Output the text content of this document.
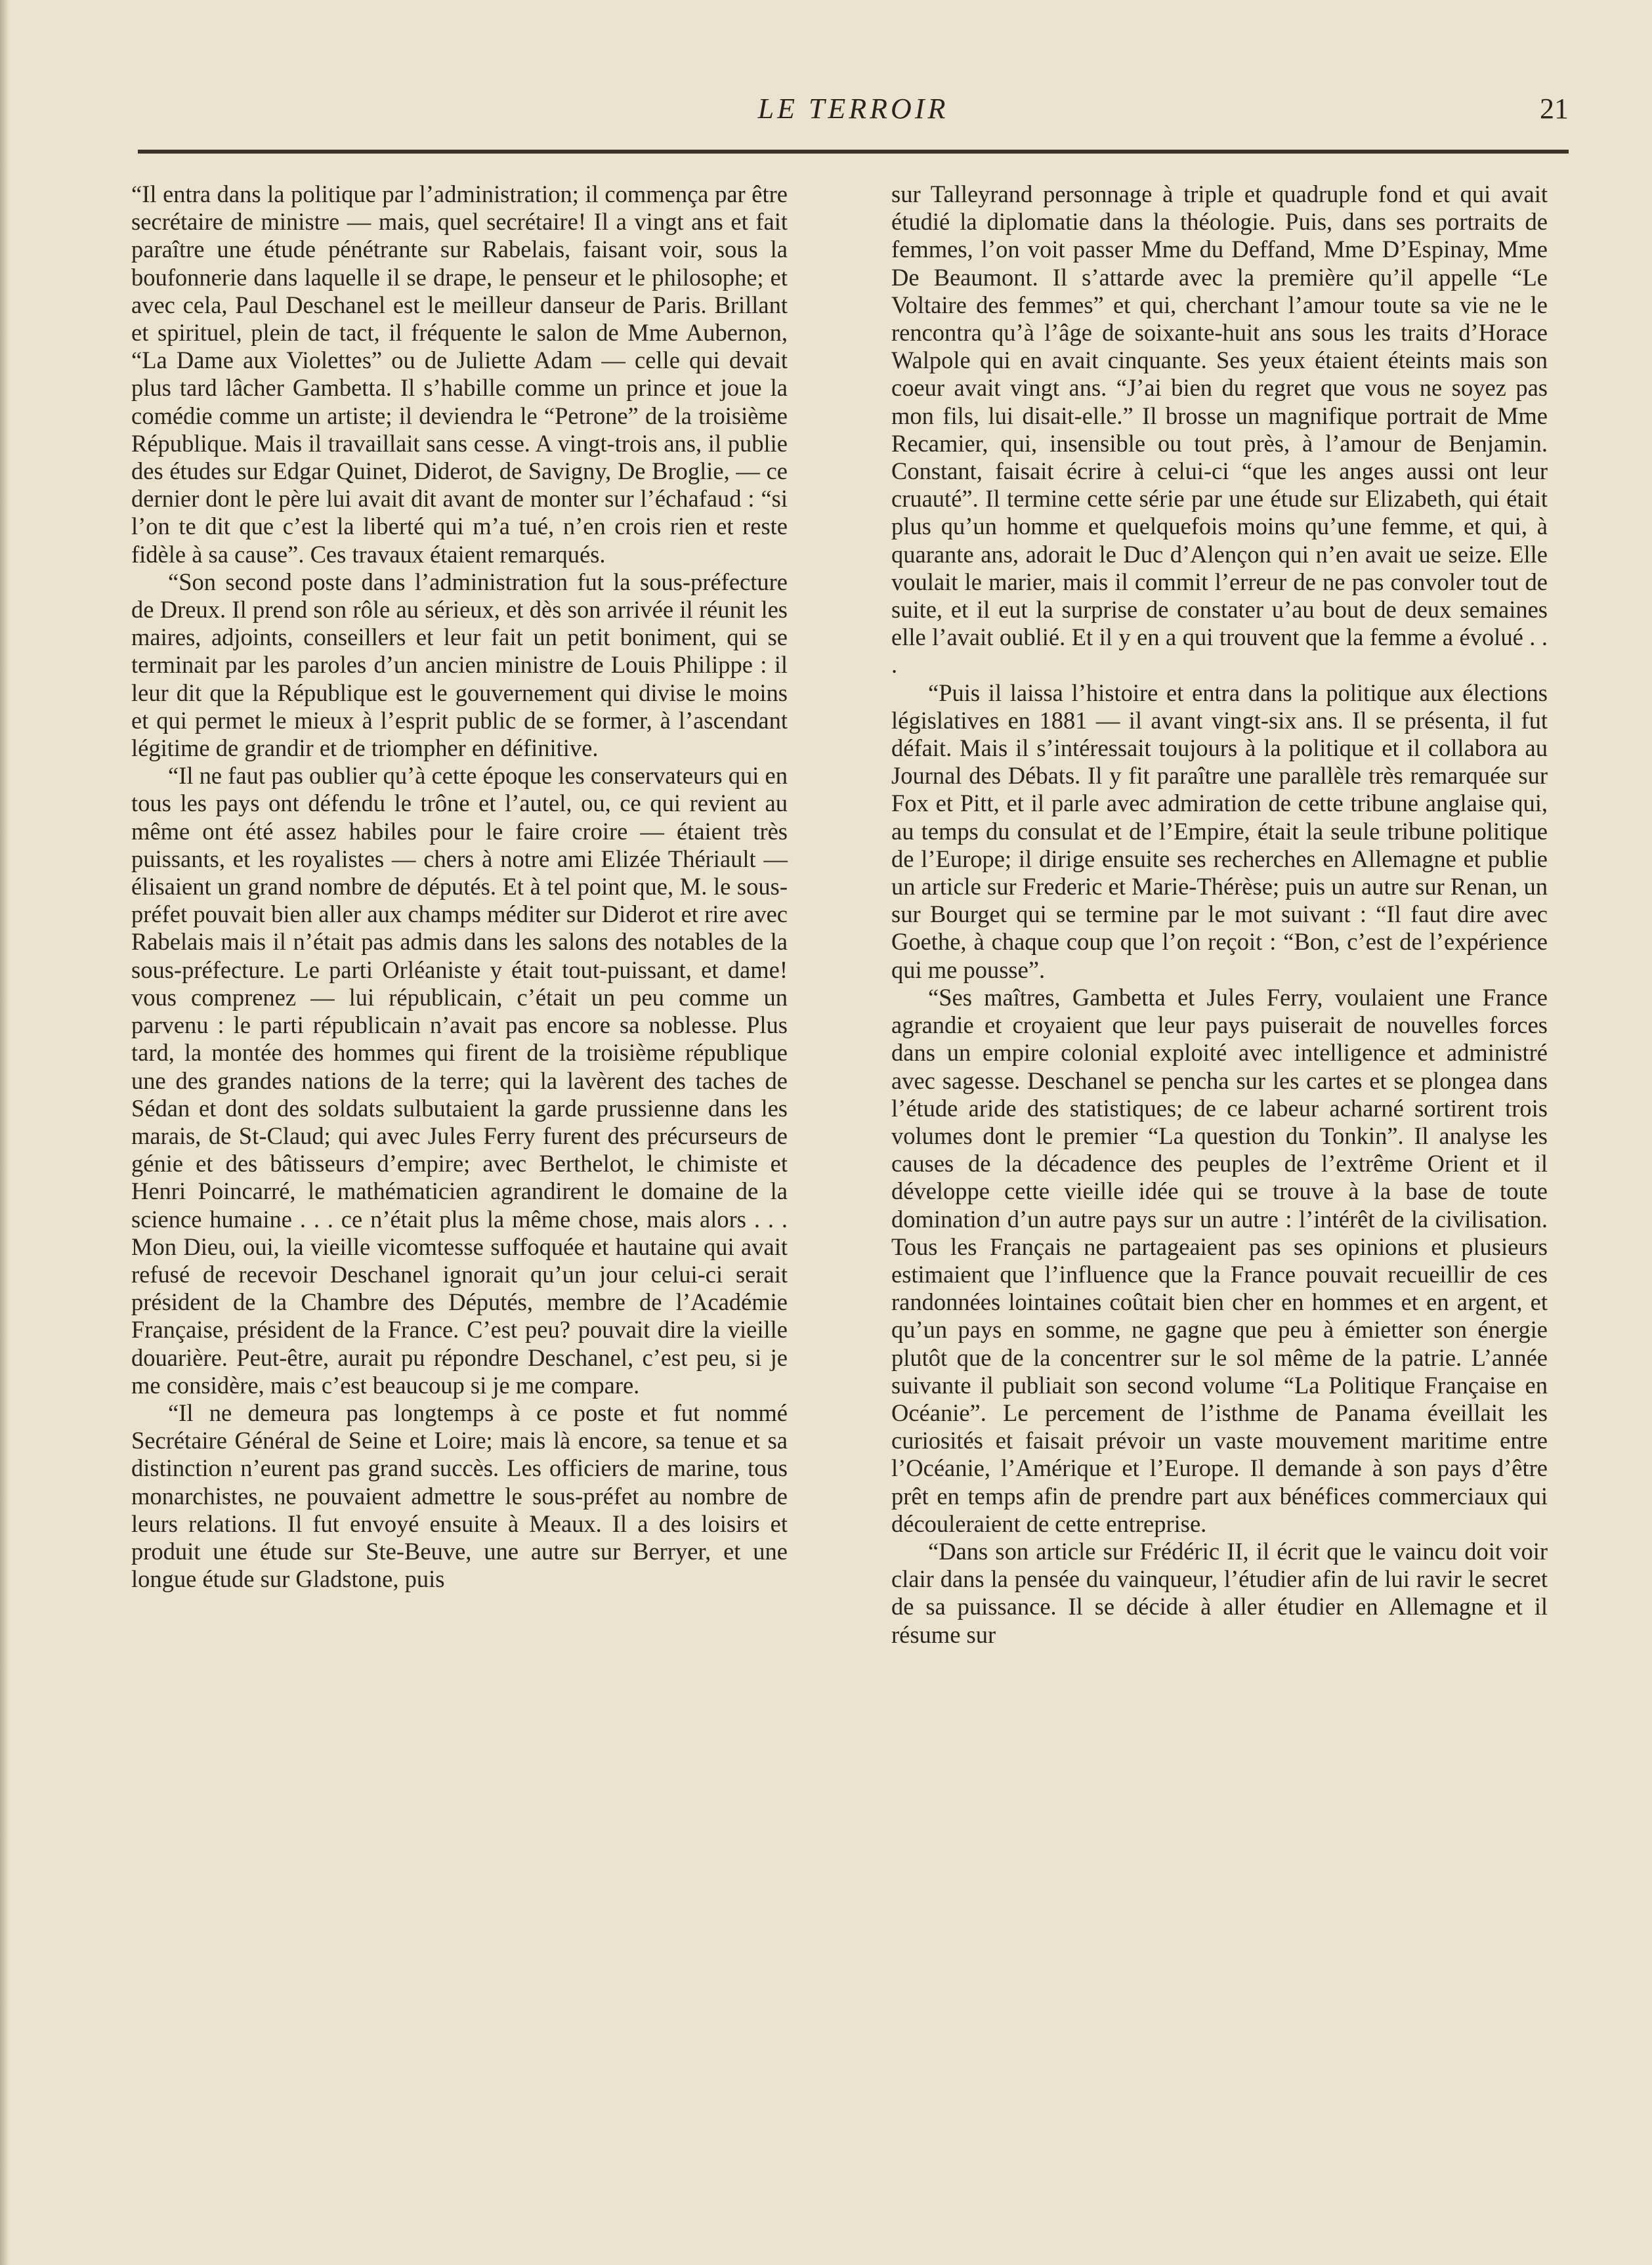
LE TERROIR	21

“Il entra dans la politique par l’administration; il commença par être secrétaire de ministre — mais, quel secrétaire! Il a vingt ans et fait paraître une étude pénétrante sur Rabelais, faisant voir, sous la boufonnerie dans laquelle il se drape, le penseur et le philosophe; et avec cela, Paul Deschanel est le meilleur danseur de Paris. Brillant et spirituel, plein de tact, il fréquente le salon de Mme Aubernon, “La Dame aux Violettes” ou de Juliette Adam — celle qui devait plus tard lâcher Gambetta. Il s’habille comme un prince et joue la comédie comme un artiste; il deviendra le “Petrone” de la troisième République. Mais il travaillait sans cesse. A vingt-trois ans, il publie des études sur Edgar Quinet, Diderot, de Savigny, De Broglie, — ce dernier dont le père lui avait dit avant de monter sur l’échafaud : “si l’on te dit que c’est la liberté qui m’a tué, n’en crois rien et reste fidèle à sa cause”. Ces travaux étaient remarqués.

“Son second poste dans l’administration fut la sous-préfecture de Dreux. Il prend son rôle au sérieux, et dès son arrivée il réunit les maires, adjoints, conseillers et leur fait un petit boniment, qui se terminait par les paroles d’un ancien ministre de Louis Philippe : il leur dit que la République est le gouvernement qui divise le moins et qui permet le mieux à l’esprit public de se former, à l’ascendant légitime de grandir et de triompher en définitive.

“Il ne faut pas oublier qu’à cette époque les conservateurs qui en tous les pays ont défendu le trône et l’autel, ou, ce qui revient au même ont été assez habiles pour le faire croire — étaient très puissants, et les royalistes — chers à notre ami Elizée Thériault — élisaient un grand nombre de députés. Et à tel point que, M. le sous-préfet pouvait bien aller aux champs méditer sur Diderot et rire avec Rabelais mais il n’était pas admis dans les salons des notables de la sous-préfecture. Le parti Orléaniste y était tout-puissant, et dame! vous comprenez — lui républicain, c’était un peu comme un parvenu : le parti républicain n’avait pas encore sa noblesse. Plus tard, la montée des hommes qui firent de la troisième république une des grandes nations de la terre; qui la lavèrent des taches de Sédan et dont des soldats sulbutaient la garde prussienne dans les marais, de St-Claud; qui avec Jules Ferry furent des précurseurs de génie et des bâtisseurs d’empire; avec Berthelot, le chimiste et Henri Poincarré, le mathématicien agrandirent le domaine de la science humaine . . . ce n’était plus la même chose, mais alors . . . Mon Dieu, oui, la vieille vicomtesse suffoquée et hautaine qui avait refusé de recevoir Deschanel ignorait qu’un jour celui-ci serait président de la Chambre des Députés, membre de l’Académie Française, président de la France. C’est peu? pouvait dire la vieille douarière. Peut-être, aurait pu répondre Deschanel, c’est peu, si je me considère, mais c’est beaucoup si je me compare.

“Il ne demeura pas longtemps à ce poste et fut nommé Secrétaire Général de Seine et Loire; mais là encore, sa tenue et sa distinction n’eurent pas grand succès. Les officiers de marine, tous monarchistes, ne pouvaient admettre le sous-préfet au nombre de leurs relations. Il fut envoyé ensuite à Meaux. Il a des loisirs et produit une étude sur Ste-Beuve, une autre sur Berryer, et une longue étude sur Gladstone, puis

sur Talleyrand personnage à triple et quadruple fond et qui avait étudié la diplomatie dans la théologie. Puis, dans ses portraits de femmes, l’on voit passer Mme du Deffand, Mme D’Espinay, Mme De Beaumont. Il s’attarde avec la première qu’il appelle “Le Voltaire des femmes” et qui, cherchant l’amour toute sa vie ne le rencontra qu’à l’âge de soixante-huit ans sous les traits d’Horace Walpole qui en avait cinquante. Ses yeux étaient éteints mais son coeur avait vingt ans. “J’ai bien du regret que vous ne soyez pas mon fils, lui disait-elle.” Il brosse un magnifique portrait de Mme Recamier, qui, insensible ou tout près, à l’amour de Benjamin. Constant, faisait écrire à celui-ci “que les anges aussi ont leur cruauté”. Il termine cette série par une étude sur Elizabeth, qui était plus qu’un homme et quelquefois moins qu’une femme, et qui, à quarante ans, adorait le Duc d’Alençon qui n’en avait ue seize. Elle voulait le marier, mais il commit l’erreur de ne pas convoler tout de suite, et il eut la surprise de constater u’au bout de deux semaines elle l’avait oublié. Et il y en a qui trouvent que la femme a évolué . . .

“Puis il laissa l’histoire et entra dans la politique aux élections législatives en 1881 — il avant vingt-six ans. Il se présenta, il fut défait. Mais il s’intéressait toujours à la politique et il collabora au Journal des Débats. Il y fit paraître une parallèle très remarquée sur Fox et Pitt, et il parle avec admiration de cette tribune anglaise qui, au temps du consulat et de l’Empire, était la seule tribune politique de l’Europe; il dirige ensuite ses recherches en Allemagne et publie un article sur Frederic et Marie-Thérèse; puis un autre sur Renan, un sur Bourget qui se termine par le mot suivant : “Il faut dire avec Goethe, à chaque coup que l’on reçoit : “Bon, c’est de l’expérience qui me pousse”.

“Ses maîtres, Gambetta et Jules Ferry, voulaient une France agrandie et croyaient que leur pays puiserait de nouvelles forces dans un empire colonial exploité avec intelligence et administré avec sagesse. Deschanel se pencha sur les cartes et se plongea dans l’étude aride des statistiques; de ce labeur acharné sortirent trois volumes dont le premier “La question du Tonkin”. Il analyse les causes de la décadence des peuples de l’extrême Orient et il développe cette vieille idée qui se trouve à la base de toute domination d’un autre pays sur un autre : l’intérêt de la civilisation. Tous les Français ne partageaient pas ses opinions et plusieurs estimaient que l’influence que la France pouvait recueillir de ces randonnées lointaines coûtait bien cher en hommes et en argent, et qu’un pays en somme, ne gagne que peu à émietter son énergie plutôt que de la concentrer sur le sol même de la patrie. L’année suivante il publiait son second volume “La Politique Française en Océanie”. Le percement de l’isthme de Panama éveillait les curiosités et faisait prévoir un vaste mouvement maritime entre l’Océanie, l’Amérique et l’Europe. Il demande à son pays d’être prêt en temps afin de prendre part aux bénéfices commerciaux qui découleraient de cette entreprise.

“Dans son article sur Frédéric II, il écrit que le vaincu doit voir clair dans la pensée du vainqueur, l’étudier afin de lui ravir le secret de sa puissance. Il se décide à aller étudier en Allemagne et il résume sur
